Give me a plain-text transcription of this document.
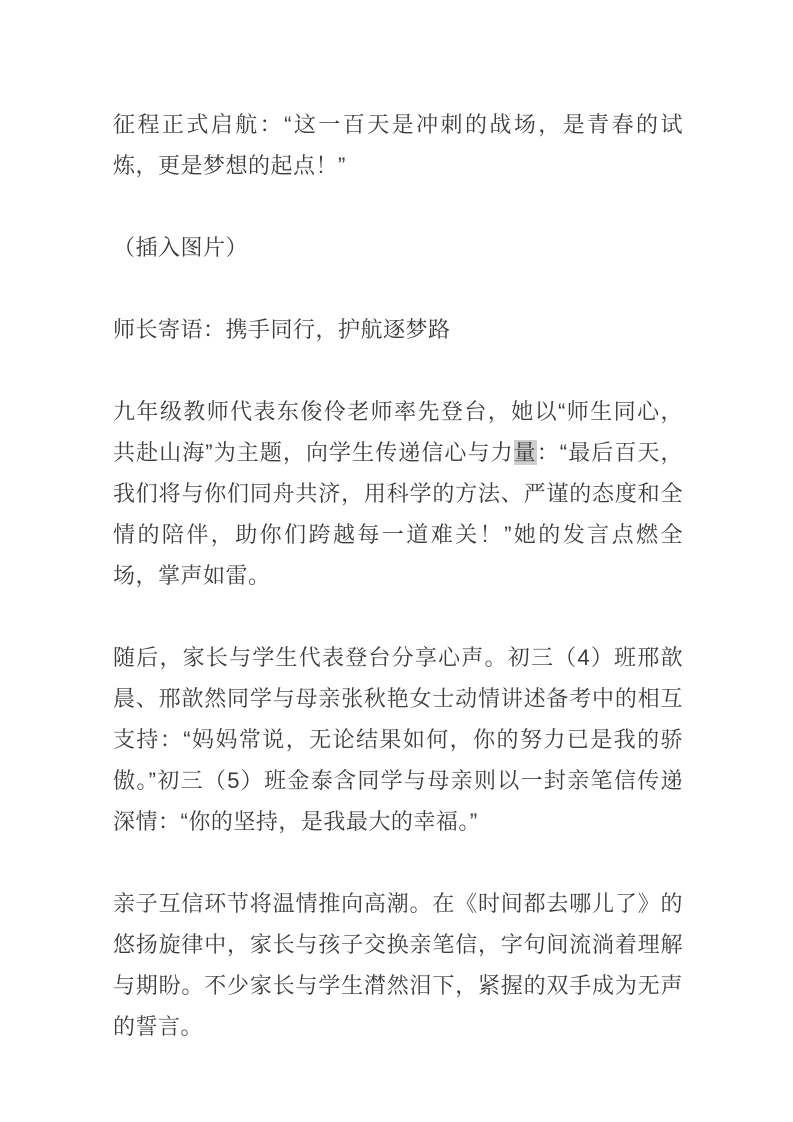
征程正式启航：“这一百天是冲刺的战场，是青春的试炼，更是梦想的起点！”

（插入图片）

师长寄语：携手同行，护航逐梦路

九年级教师代表东俊伶老师率先登台，她以“师生同心，共赴山海”为主题，向学生传递信心与力量：“最后百天，我们将与你们同舟共济，用科学的方法、严谨的态度和全情的陪伴，助你们跨越每一道难关！”她的发言点燃全场，掌声如雷。

随后，家长与学生代表登台分享心声。初三（4）班邢歆晨、邢歆然同学与母亲张秋艳女士动情讲述备考中的相互支持：“妈妈常说，无论结果如何，你的努力已是我的骄傲。”初三（5）班金泰含同学与母亲则以一封亲笔信传递深情：“你的坚持，是我最大的幸福。”

亲子互信环节将温情推向高潮。在《时间都去哪儿了》的悠扬旋律中，家长与孩子交换亲笔信，字句间流淌着理解与期盼。不少家长与学生潸然泪下，紧握的双手成为无声的誓言。
